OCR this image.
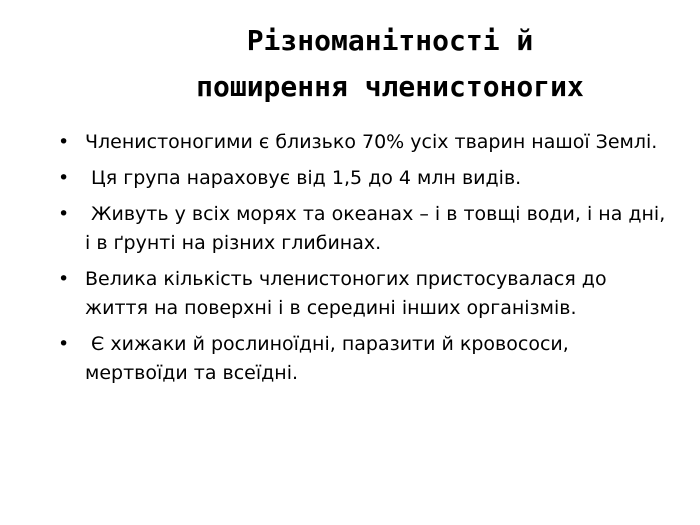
Різноманітності й
поширення членистоногих
• Членистоногими є близько 70% усіх тварин нашої Землі.
• Ця група нараховує від 1,5 до 4 млн видів.
• Живуть у всіх морях та океанах – і в товщі води, і на дні, і в ґрунті на різних глибинах.
• Велика кількість членистоногих пристосувалася до життя на поверхні і в середині інших організмів.
• Є хижаки й рослиноїдні, паразити й кровососи, мертвоїди та всеїдні.
